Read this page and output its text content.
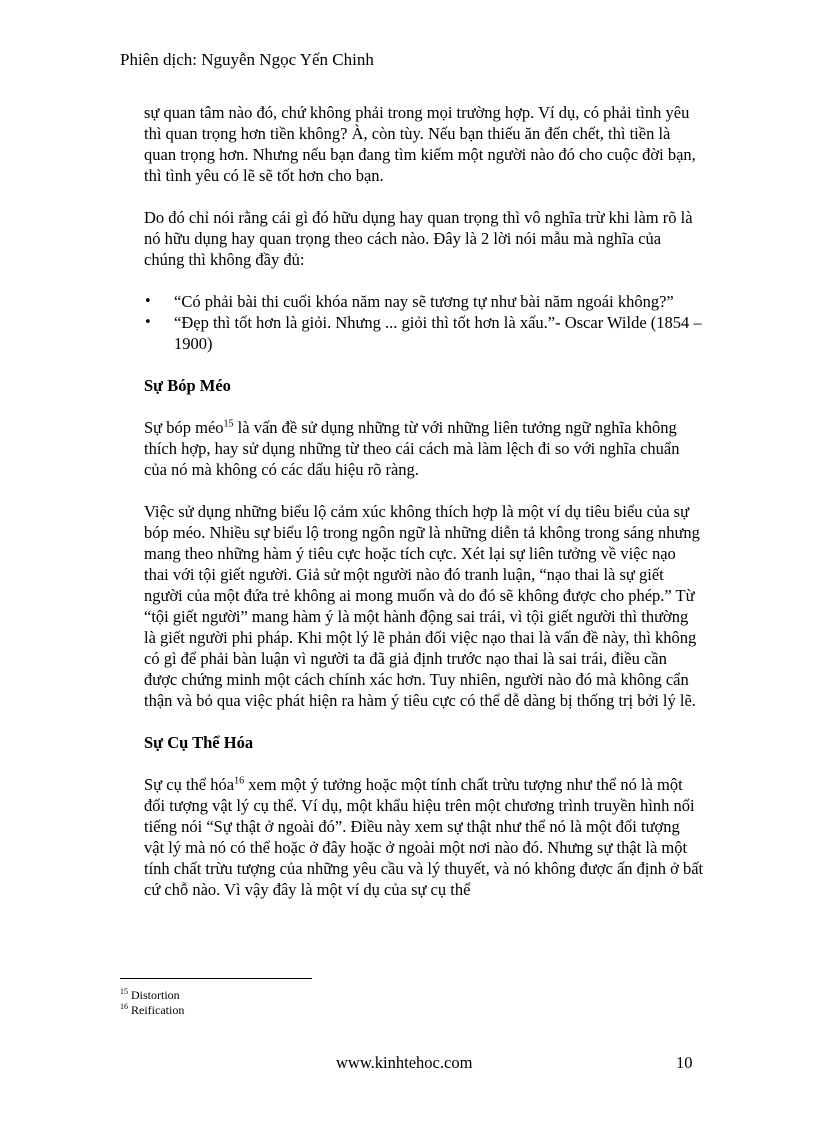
Phiên dịch: Nguyễn Ngọc Yến Chinh

sự quan tâm nào đó, chứ không phải trong mọi trường hợp. Ví dụ, có phải tình yêu thì quan trọng hơn tiền không? À, còn tùy. Nếu bạn thiếu ăn đến chết, thì tiền là quan trọng hơn. Nhưng nếu bạn đang tìm kiếm một người nào đó cho cuộc đời bạn, thì tình yêu có lẽ sẽ tốt hơn cho bạn.

Do đó chỉ nói rằng cái gì đó hữu dụng hay quan trọng thì vô nghĩa trừ khi làm rõ là nó hữu dụng hay quan trọng theo cách nào. Đây là 2 lời nói mẫu mà nghĩa của chúng thì không đầy đủ:

•	“Có phải bài thi cuối khóa năm nay sẽ tương tự như bài năm ngoái không?”
•	“Đẹp thì tốt hơn là giỏi. Nhưng ... giỏi thì tốt hơn là xấu.”- Oscar Wilde (1854 – 1900)
Sự Bóp Méo

Sự bóp méo$^{15}$ là vấn đề sử dụng những từ với những liên tưởng ngữ nghĩa không thích hợp, hay sử dụng những từ theo cái cách mà làm lệch đi so với nghĩa chuẩn của nó mà không có các dấu hiệu rõ ràng.

Việc sử dụng những biểu lộ cảm xúc không thích hợp là một ví dụ tiêu biểu của sự bóp méo. Nhiều sự biểu lộ trong ngôn ngữ là những diễn tả không trong sáng nhưng mang theo những hàm ý tiêu cực hoặc tích cực. Xét lại sự liên tưởng về việc nạo thai với tội giết người. Giả sử một người nào đó tranh luận, “nạo thai là sự giết người của một đứa trẻ không ai mong muốn và do đó sẽ không được cho phép.” Từ “tội giết người” mang hàm ý là một hành động sai trái, vì tội giết người thì thường là giết người phi pháp. Khi một lý lẽ phản đối việc nạo thai là vấn đề này, thì không có gì để phải bàn luận vì người ta đã giả định trước nạo thai là sai trái, điều cần được chứng minh một cách chính xác hơn. Tuy nhiên, người nào đó mà không cẩn thận và bỏ qua việc phát hiện ra hàm ý tiêu cực có thể dễ dàng bị thống trị bởi lý lẽ.

Sự Cụ Thể Hóa

Sự cụ thể hóa$^{16}$ xem một ý tưởng hoặc một tính chất trừu tượng như thể nó là một đối tượng vật lý cụ thể. Ví dụ, một khẩu hiệu trên một chương trình truyền hình nổi tiếng nói “Sự thật ở ngoài đó”. Điều này xem sự thật như thể nó là một đối tượng vật lý mà nó có thể hoặc ở đây hoặc ở ngoài một nơi nào đó. Nhưng sự thật là một tính chất trừu tượng của những yêu cầu và lý thuyết, và nó không được ấn định ở bất cứ chỗ nào. Vì vậy đây là một ví dụ của sự cụ thể

$^{15}$ Distortion
$^{16}$ Reification
www.kinhtehoc.com	10
